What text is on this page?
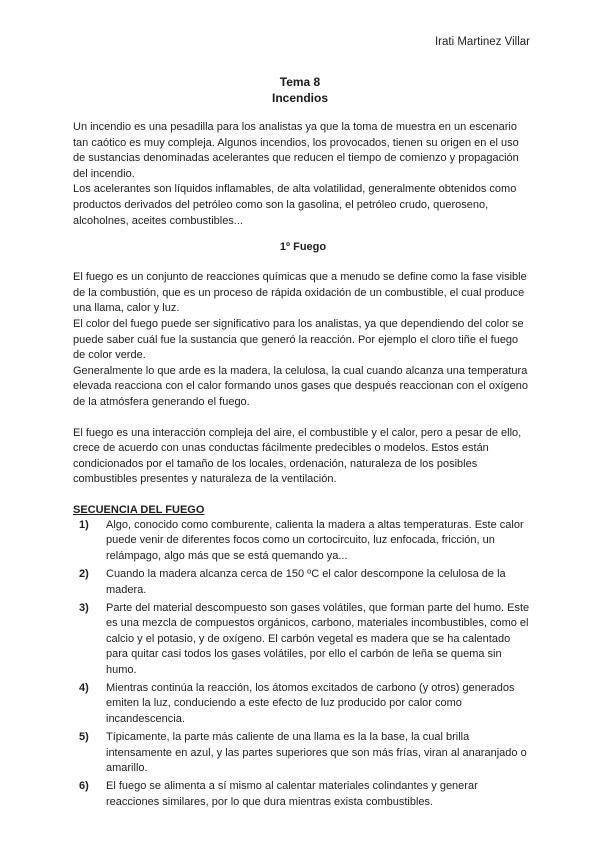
Irati Martinez Villar
Tema 8
Incendios

Un incendio es una pesadilla para los analistas ya que la toma de muestra en un escenario tan caótico es muy compleja. Algunos incendios, los provocados, tienen su origen en el uso de sustancias denominadas acelerantes que reducen el tiempo de comienzo y propagación del incendio.

Los acelerantes son líquidos inflamables, de alta volatilidad, generalmente obtenidos como productos derivados del petróleo como son la gasolina, el petróleo crudo, queroseno, alcoholnes, aceites combustibles...

1º Fuego

El fuego es un conjunto de reacciones químicas que a menudo se define como la fase visible de la combustión, que es un proceso de rápida oxidación de un combustible, el cual produce una llama, calor y luz.

El color del fuego puede ser significativo para los analistas, ya que dependiendo del color se puede saber cuál fue la sustancia que generó la reacción. Por ejemplo el cloro tiñe el fuego de color verde.

Generalmente lo que arde es la madera, la celulosa, la cual cuando alcanza una temperatura elevada reacciona con el calor formando unos gases que después reaccionan con el oxígeno de la atmósfera generando el fuego.

El fuego es una interacción compleja del aire, el combustible y el calor, pero a pesar de ello, crece de acuerdo con unas conductas fácilmente predecibles o modelos. Estos están condicionados por el tamaño de los locales, ordenación, naturaleza de los posibles combustibles presentes y naturaleza de la ventilación.

SECUENCIA DEL FUEGO
1) Algo, conocido como comburente, calienta la madera a altas temperaturas. Este calor puede venir de diferentes focos como un cortocircuito, luz enfocada, fricción, un relámpago, algo más que se está quemando ya...
2) Cuando la madera alcanza cerca de 150 ºC el calor descompone la celulosa de la madera.
3) Parte del material descompuesto son gases volátiles, que forman parte del humo. Este es una mezcla de compuestos orgánicos, carbono, materiales incombustibles, como el calcio y el potasio, y de oxígeno. El carbón vegetal es madera que se ha calentado para quitar casi todos los gases volátiles, por ello el carbón de leña se quema sin humo.
4) Mientras continúa la reacción, los átomos excitados de carbono (y otros) generados emiten la luz, conduciendo a este efecto de luz producido por calor como incandescencia.
5) Típicamente, la parte más caliente de una llama es la la base, la cual brilla intensamente en azul, y las partes superiores que son más frías, viran al anaranjado o amarillo.
6) El fuego se alimenta a sí mismo al calentar materiales colindantes y generar reacciones similares, por lo que dura mientras exista combustibles.
